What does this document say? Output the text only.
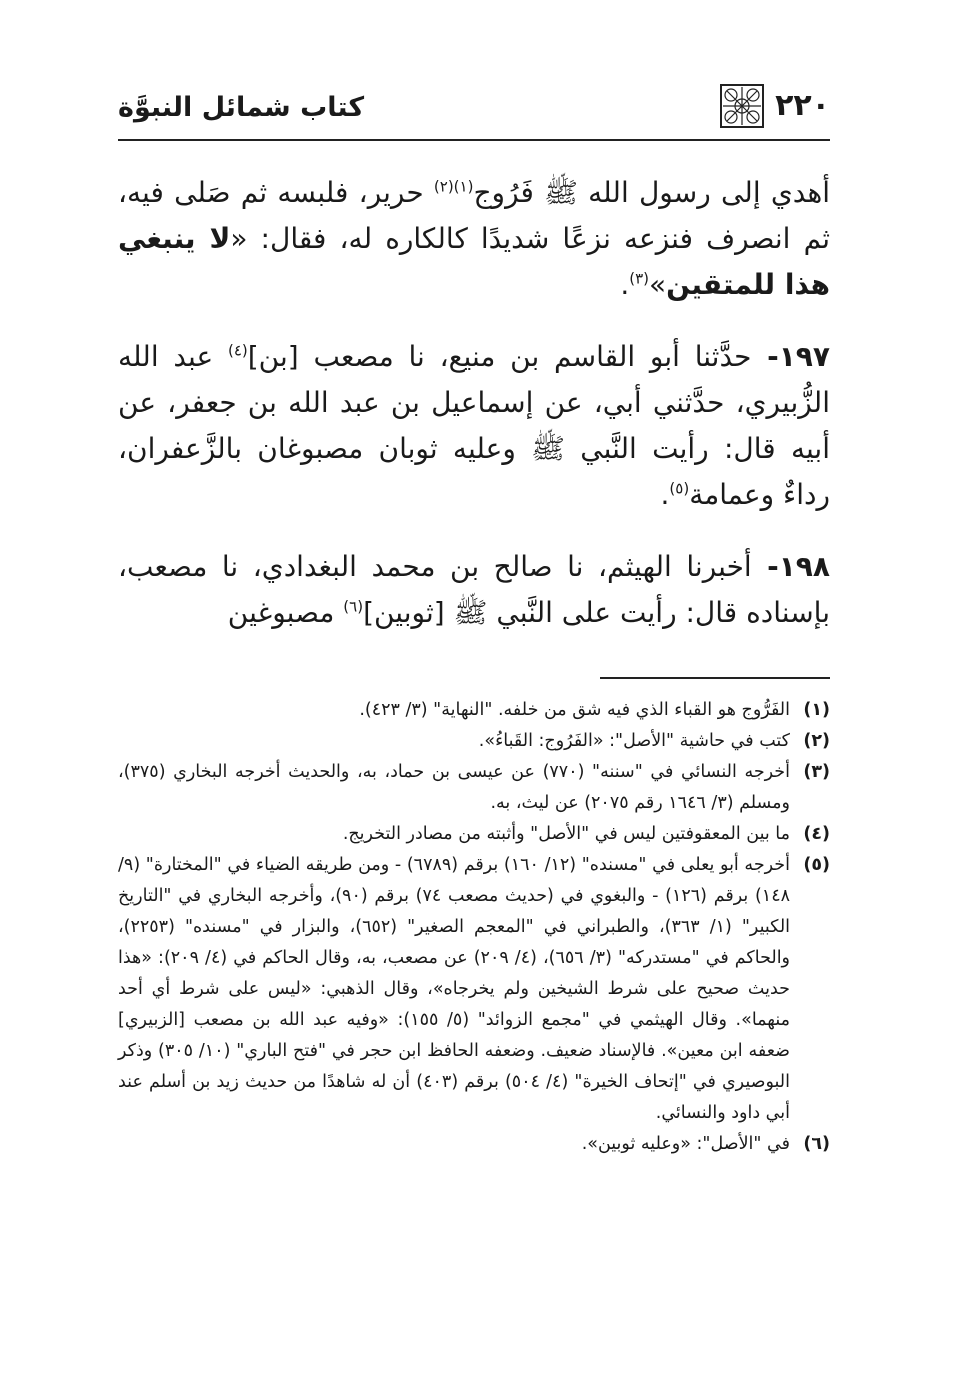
٢٢٠
كتاب شمائل النبوَّة

أهدي إلى رسول الله ﷺ فَرُوج$^{(١)(٢)}$ حرير، فلبسه ثم صَلى فيه، ثم انصرف فنزعه نزعًا شديدًا كالكاره له، فقال: «لا ينبغي هذا للمتقين»$^{(٣)}$.

١٩٧- حدَّثنا أبو القاسم بن منيع، نا مصعب [بن]$^{(٤)}$ عبد الله الزُّبيري، حدَّثني أبي، عن إسماعيل بن عبد الله بن جعفر، عن أبيه قال: رأيت النَّبي ﷺ وعليه ثوبان مصبوغان بالزَّعفران، رداءٌ وعمامة$^{(٥)}$.

١٩٨- أخبرنا الهيثم، نا صالح بن محمد البغدادي، نا مصعب، بإسناده قال: رأيت على النَّبي ﷺ [ثوبين]$^{(٦)}$ مصبوغين

(١)
الفَرُّوج هو القباء الذي فيه شق من خلفه. "النهاية" (٣/ ٤٢٣).
(٢)
كتب في حاشية "الأصل": «الفَرُوج: القَباءُ».
(٣)
أخرجه النسائي في "سننه" (٧٧٠) عن عيسى بن حماد، به، والحديث أخرجه البخاري (٣٧٥)، ومسلم (٣/ ١٦٤٦ رقم ٢٠٧٥) عن ليث، به.
(٤)
ما بين المعقوفتين ليس في "الأصل" وأثبته من مصادر التخريج.
(٥)
أخرجه أبو يعلى في "مسنده" (١٢/ ١٦٠) برقم (٦٧٨٩) - ومن طريقه الضياء في "المختارة" (٩/ ١٤٨) برقم (١٢٦) - والبغوي في (حديث مصعب ٧٤) برقم (٩٠)، وأخرجه البخاري في "التاريخ الكبير" (١/ ٣٦٣)، والطبراني في "المعجم الصغير" (٦٥٢)، والبزار في "مسنده" (٢٢٥٣)، والحاكم في "مستدركه" (٣/ ٦٥٦)، (٤/ ٢٠٩) عن مصعب، به، وقال الحاكم في (٤/ ٢٠٩): «هذا حديث صحيح على شرط الشيخين ولم يخرجاه»، وقال الذهبي: «ليس على شرط أي أحد منهما». وقال الهيثمي في "مجمع الزوائد" (٥/ ١٥٥): «وفيه عبد الله بن مصعب [الزبيري] ضعفه ابن معين». فالإسناد ضعيف. وضعفه الحافظ ابن حجر في "فتح الباري" (١٠/ ٣٠٥) وذكر البوصيري في "إتحاف الخيرة" (٤/ ٥٠٤) برقم (٤٠٣) أن له شاهدًا من حديث زيد بن أسلم عند أبي داود والنسائي.
(٦)
في "الأصل": «وعليه ثوبين».
